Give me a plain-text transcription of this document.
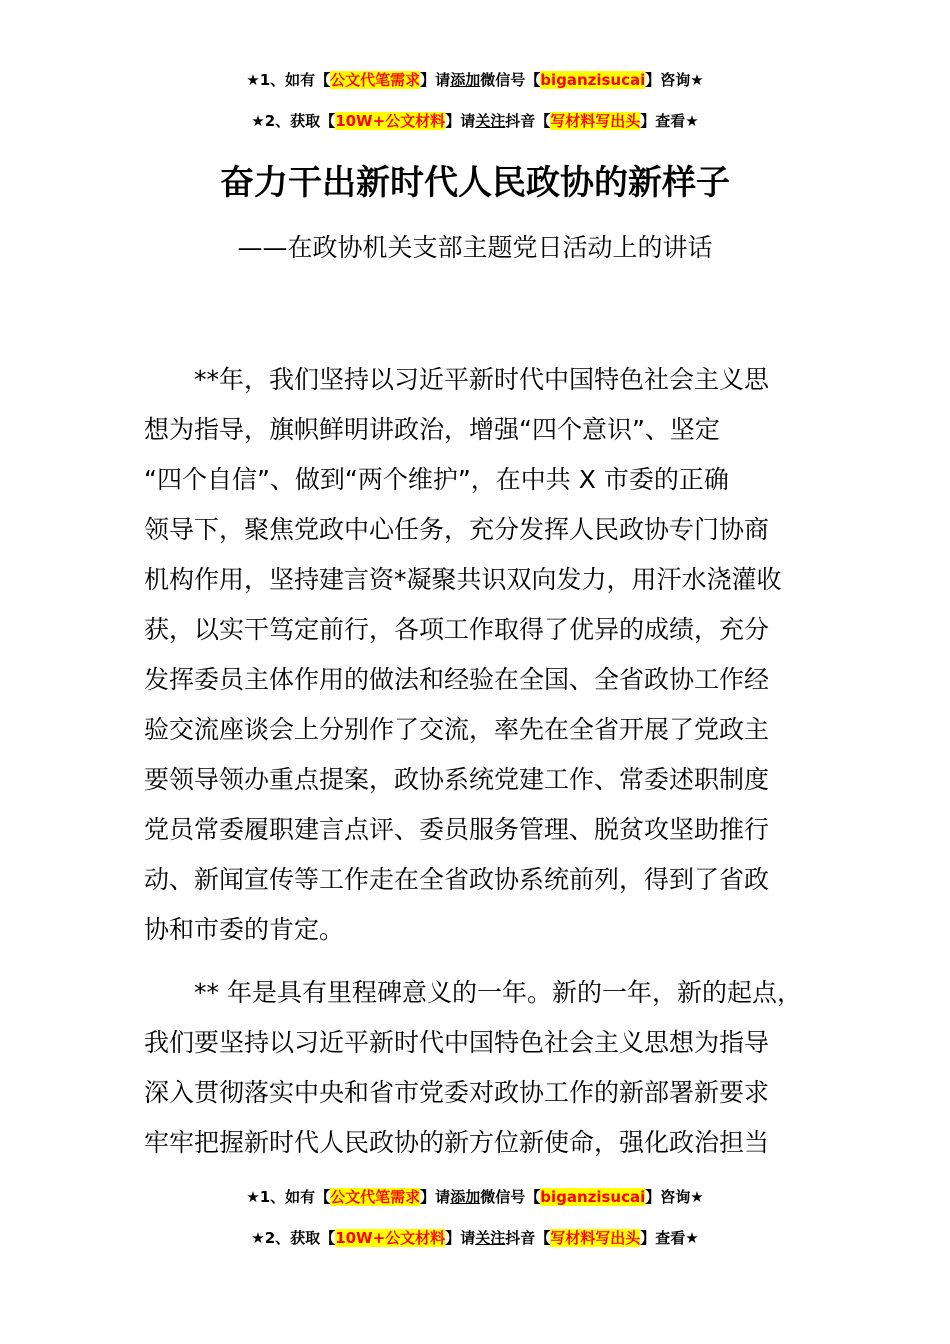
★1、如有【公文代笔需求】请添加微信号【biganzisucai】咨询★
★2、获取【10W+公文材料】请关注抖音【写材料写出头】查看★
奋力干出新时代人民政协的新样子
——在政协机关支部主题党日活动上的讲话
**年，我们坚持以习近平新时代中国特色社会主义思
想为指导，旗帜鲜明讲政治，增强“四个意识”、坚定
“四个自信”、做到“两个维护”，在中共 X 市委的正确
领导下，聚焦党政中心任务，充分发挥人民政协专门协商
机构作用，坚持建言资*凝聚共识双向发力，用汗水浇灌收
获，以实干笃定前行，各项工作取得了优异的成绩，充分
发挥委员主体作用的做法和经验在全国、全省政协工作经
验交流座谈会上分别作了交流，率先在全省开展了党政主
要领导领办重点提案，政协系统党建工作、常委述职制度
党员常委履职建言点评、委员服务管理、脱贫攻坚助推行
动、新闻宣传等工作走在全省政协系统前列，得到了省政
协和市委的肯定。
** 年是具有里程碑意义的一年。新的一年，新的起点，
我们要坚持以习近平新时代中国特色社会主义思想为指导
深入贯彻落实中央和省市党委对政协工作的新部署新要求
牢牢把握新时代人民政协的新方位新使命，强化政治担当
★1、如有【公文代笔需求】请添加微信号【biganzisucai】咨询★
★2、获取【10W+公文材料】请关注抖音【写材料写出头】查看★
